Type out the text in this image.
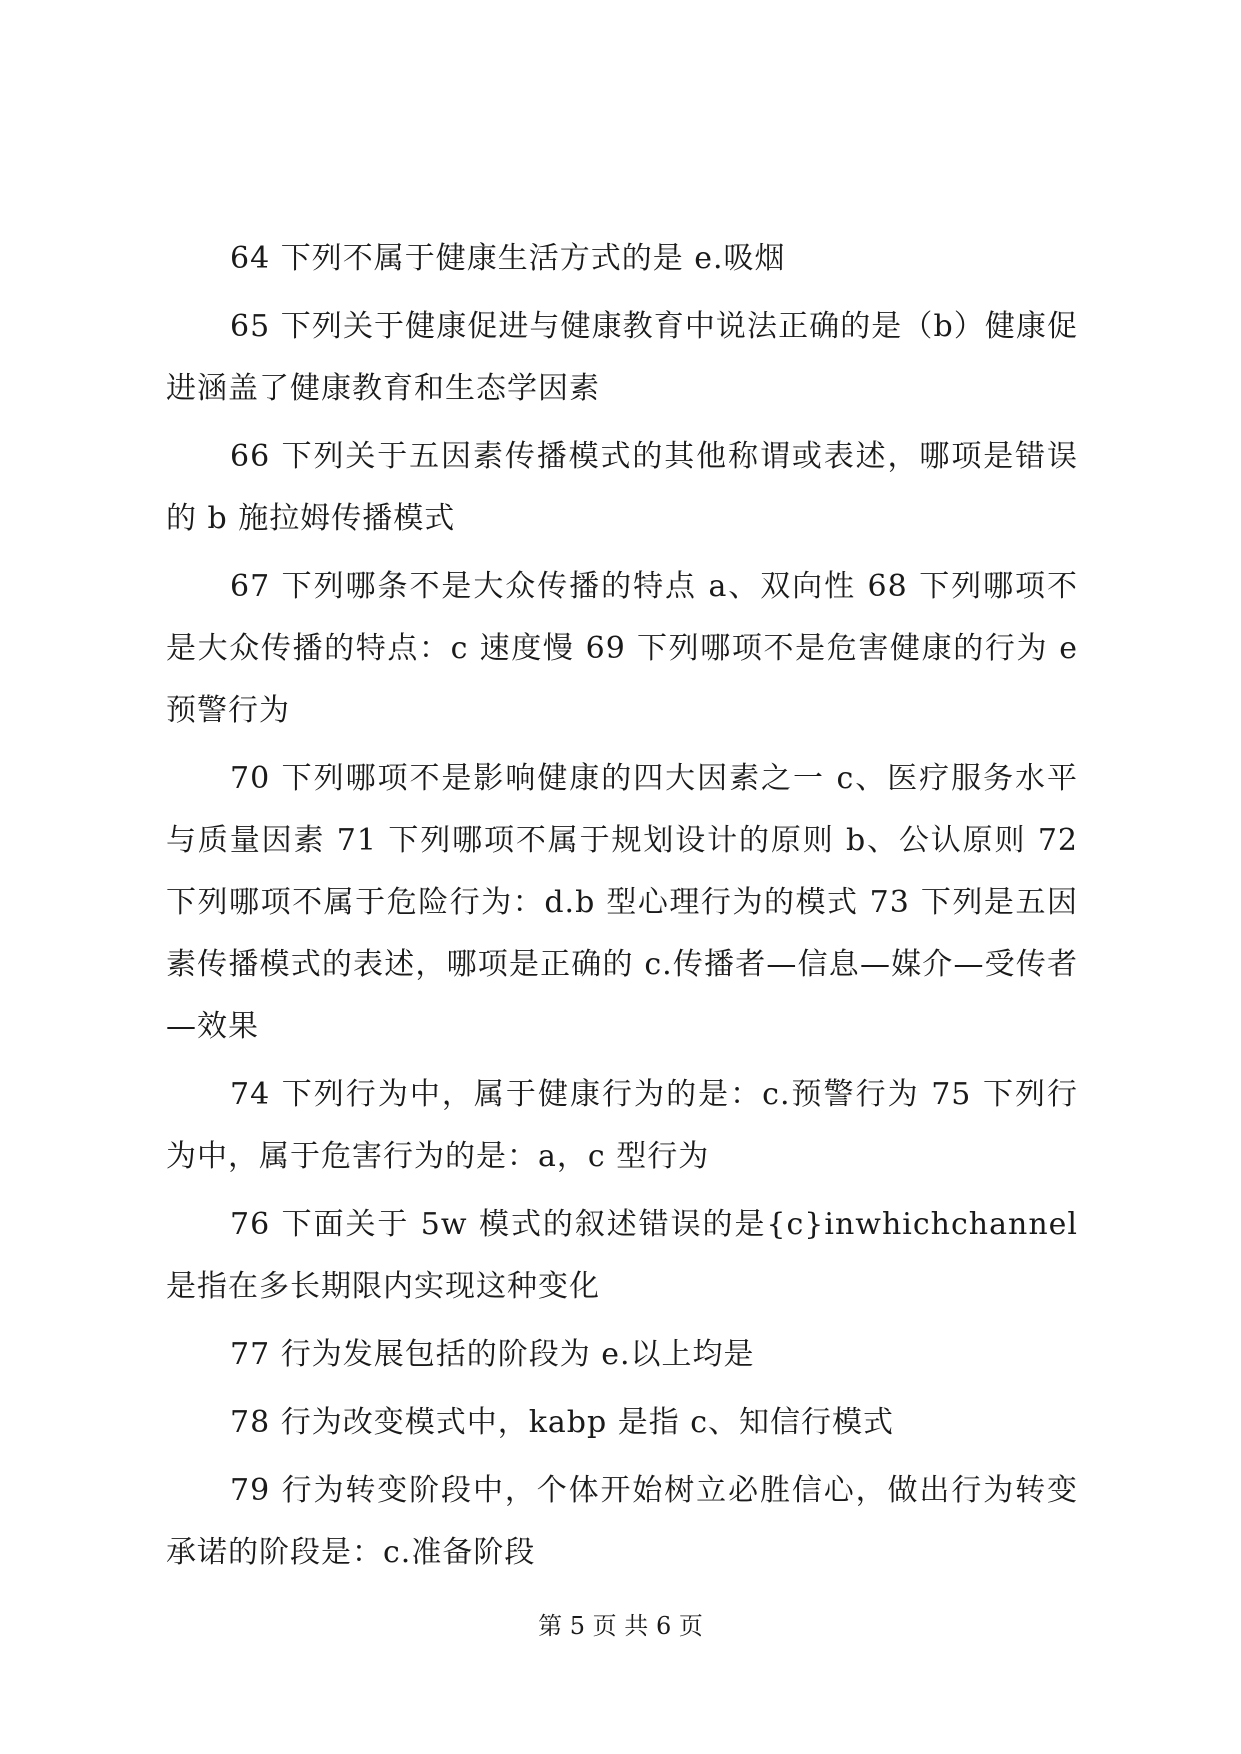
64 下列不属于健康生活方式的是 e.吸烟

65 下列关于健康促进与健康教育中说法正确的是（b）健康促进涵盖了健康教育和生态学因素

66 下列关于五因素传播模式的其他称谓或表述，哪项是错误的 b 施拉姆传播模式

67 下列哪条不是大众传播的特点 a、双向性 68 下列哪项不是大众传播的特点：c 速度慢 69 下列哪项不是危害健康的行为 e 预警行为

70 下列哪项不是影响健康的四大因素之一 c、医疗服务水平与质量因素 71 下列哪项不属于规划设计的原则 b、公认原则 72 下列哪项不属于危险行为：d.b 型心理行为的模式 73 下列是五因素传播模式的表述，哪项是正确的 c.传播者—信息—媒介—受传者—效果

74 下列行为中，属于健康行为的是：c.预警行为 75 下列行为中，属于危害行为的是：a，c 型行为

76 下面关于 5w 模式的叙述错误的是{c}inwhichchannel 是指在多长期限内实现这种变化

77 行为发展包括的阶段为 e.以上均是

78 行为改变模式中，kabp 是指 c、知信行模式

79 行为转变阶段中，个体开始树立必胜信心，做出行为转变承诺的阶段是：c.准备阶段

第 5 页 共 6 页
